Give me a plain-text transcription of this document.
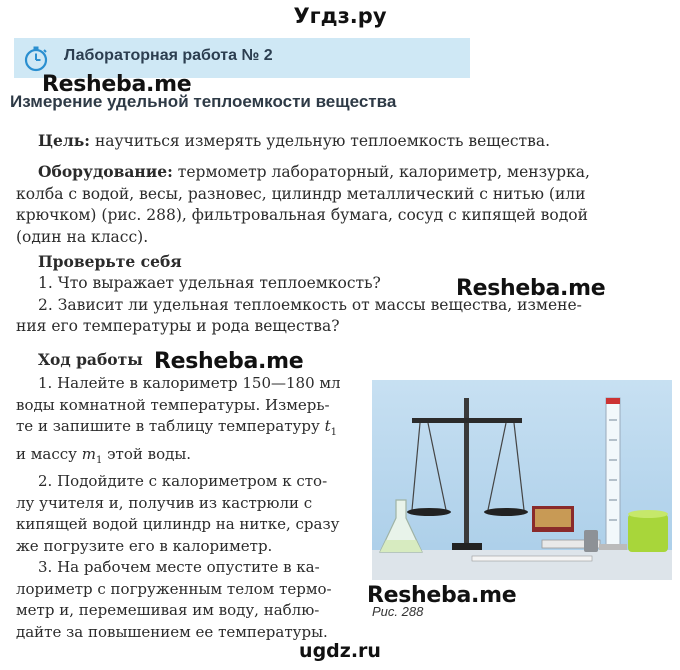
Угдз.ру
Лабораторная работа № 2
Resheba.me
Измерение удельной теплоемкости вещества
Цель: научиться измерять удельную теплоемкость вещества.
Оборудование: термометр лабораторный, калориметр, мензурка,
колба с водой, весы, разновес, цилиндр металлический с нитью (или
крючком) (рис. 288), фильтровальная бумага, сосуд с кипящей водой
(один на класс).
Проверьте себя
1. Что выражает удельная теплоемкость?
2. Зависит ли удельная теплоемкость от массы вещества, измене-
ния его температуры и рода вещества?
Resheba.me
Ход работы Resheba.me
1. Налейте в калориметр 150—180 мл
воды комнатной температуры. Измерь-
те и запишите в таблицу температуру $t_1$
и массу $m_1$ этой воды.
2. Подойдите с калориметром к сто-
лу учителя и, получив из кастрюли с
кипящей водой цилиндр на нитке, сразу
же погрузите его в калориметр.
3. На рабочем месте опустите в ка-
лориметр с погруженным телом термо-
метр и, перемешивая им воду, наблю-
дайте за повышением ее температуры.
Resheba.me
Рис. 288
ugdz.ru
